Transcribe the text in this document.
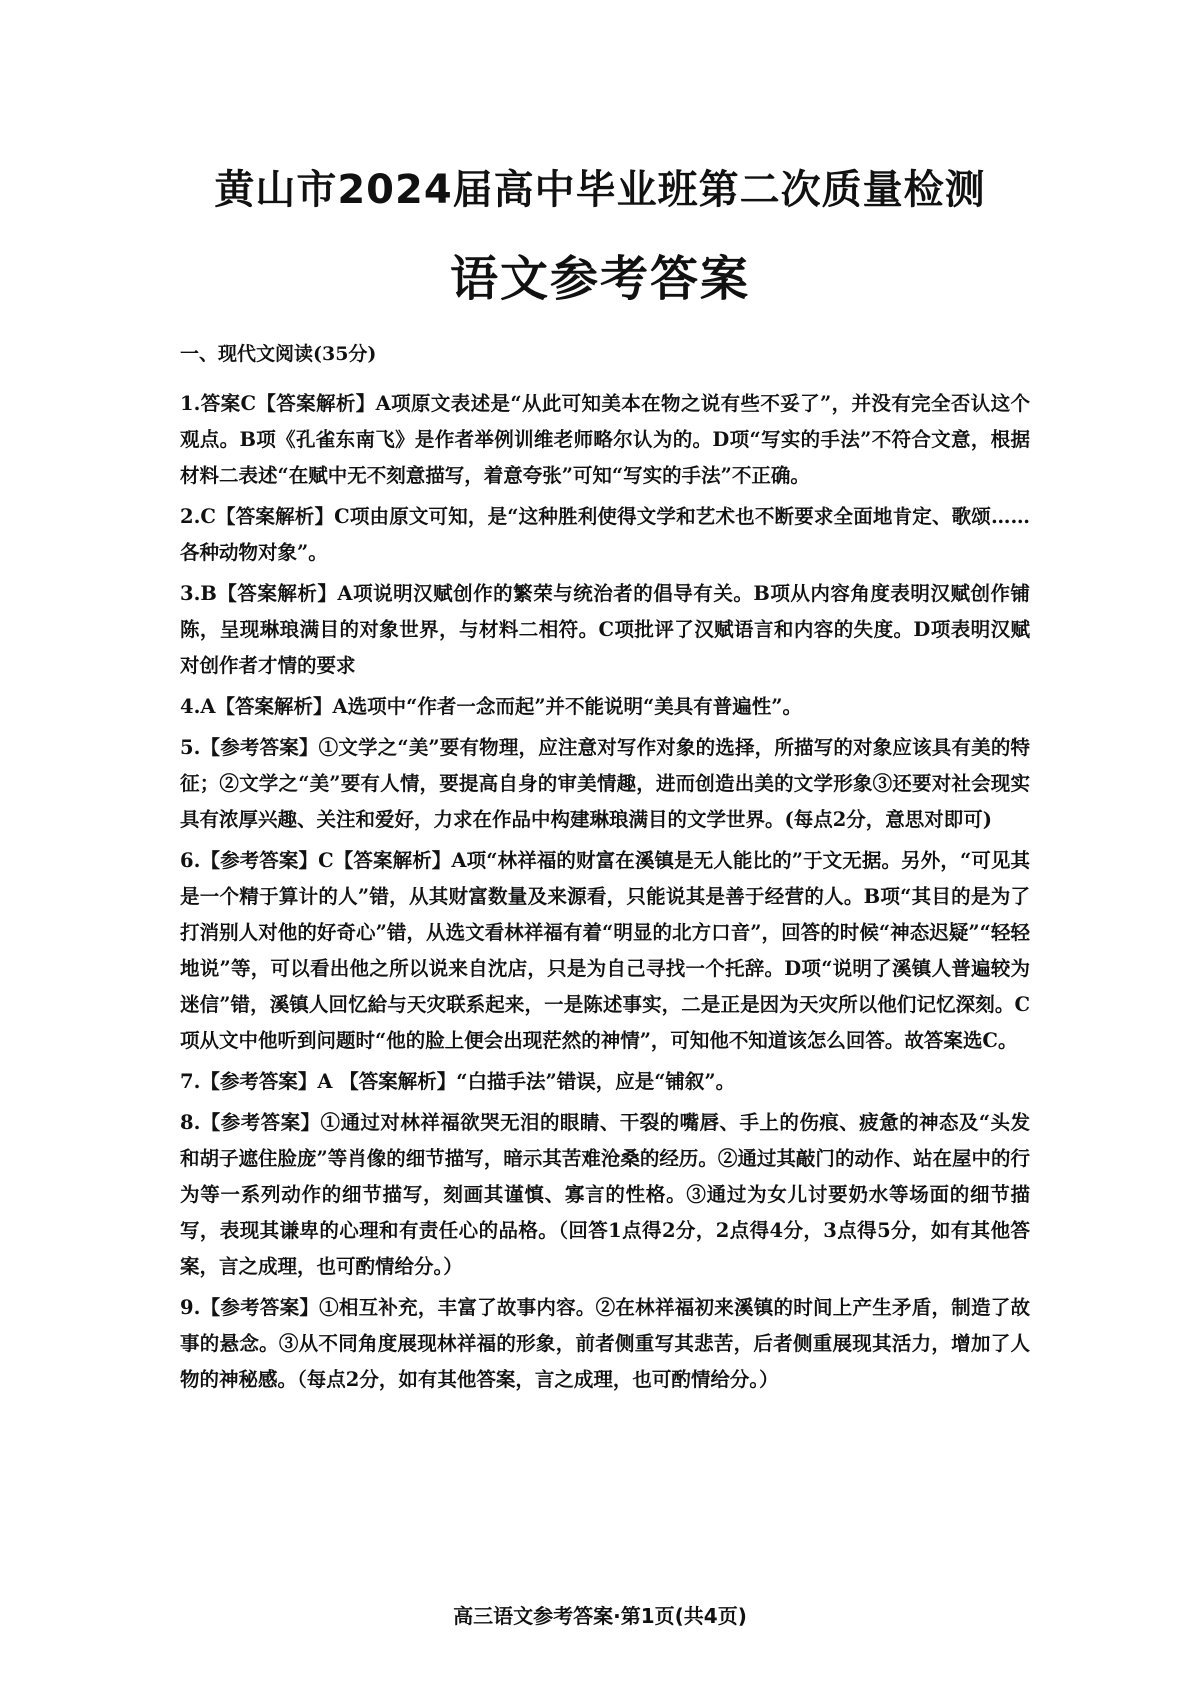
黄山市2024届高中毕业班第二次质量检测
语文参考答案

一、现代文阅读(35分)

1.答案C【答案解析】A项原文表述是“从此可知美本在物之说有些不妥了”，并没有完全否认这个观点。B项《孔雀东南飞》是作者举例训维老师略尔认为的。D项“写实的手法”不符合文意，根据材料二表述“在赋中无不刻意描写，着意夸张”可知“写实的手法”不正确。

2.C【答案解析】C项由原文可知，是“这种胜利使得文学和艺术也不断要求全面地肯定、歌颂……各种动物对象”。

3.B【答案解析】A项说明汉赋创作的繁荣与统治者的倡导有关。B项从内容角度表明汉赋创作铺陈，呈现琳琅满目的对象世界，与材料二相符。C项批评了汉赋语言和内容的失度。D项表明汉赋对创作者才情的要求

4.A【答案解析】A选项中“作者一念而起”并不能说明“美具有普遍性”。

5.【参考答案】①文学之“美”要有物理，应注意对写作对象的选择，所描写的对象应该具有美的特征；②文学之“美”要有人情，要提高自身的审美情趣，进而创造出美的文学形象③还要对社会现实具有浓厚兴趣、关注和爱好，力求在作品中构建琳琅满目的文学世界。(每点2分，意思对即可)

6.【参考答案】C【答案解析】A项“林祥福的财富在溪镇是无人能比的”于文无据。另外，“可见其是一个精于算计的人”错，从其财富数量及来源看，只能说其是善于经营的人。B项“其目的是为了打消别人对他的好奇心”错，从选文看林祥福有着“明显的北方口音”，回答的时候“神态迟疑”“轻轻地说”等，可以看出他之所以说来自沈店，只是为自己寻找一个托辞。D项“说明了溪镇人普遍较为迷信”错，溪镇人回忆給与天灾联系起来，一是陈述事实，二是正是因为天灾所以他们记忆深刻。C项从文中他听到问题时“他的脸上便会出现茫然的神情”，可知他不知道该怎么回答。故答案选C。

7.【参考答案】A 【答案解析】“白描手法”错误，应是“铺叙”。

8.【参考答案】①通过对林祥福欲哭无泪的眼睛、干裂的嘴唇、手上的伤痕、疲惫的神态及“头发和胡子遮住脸庞”等肖像的细节描写，暗示其苦难沧桑的经历。②通过其敲门的动作、站在屋中的行为等一系列动作的细节描写，刻画其谨慎、寡言的性格。③通过为女儿讨要奶水等场面的细节描写，表现其谦卑的心理和有责任心的品格。（回答1点得2分，2点得4分，3点得5分，如有其他答案，言之成理，也可酌情给分。）

9.【参考答案】①相互补充，丰富了故事内容。②在林祥福初来溪镇的时间上产生矛盾，制造了故事的悬念。③从不同角度展现林祥福的形象，前者侧重写其悲苦，后者侧重展现其活力，增加了人物的神秘感。（每点2分，如有其他答案，言之成理，也可酌情给分。）

高三语文参考答案·第1页(共4页)
